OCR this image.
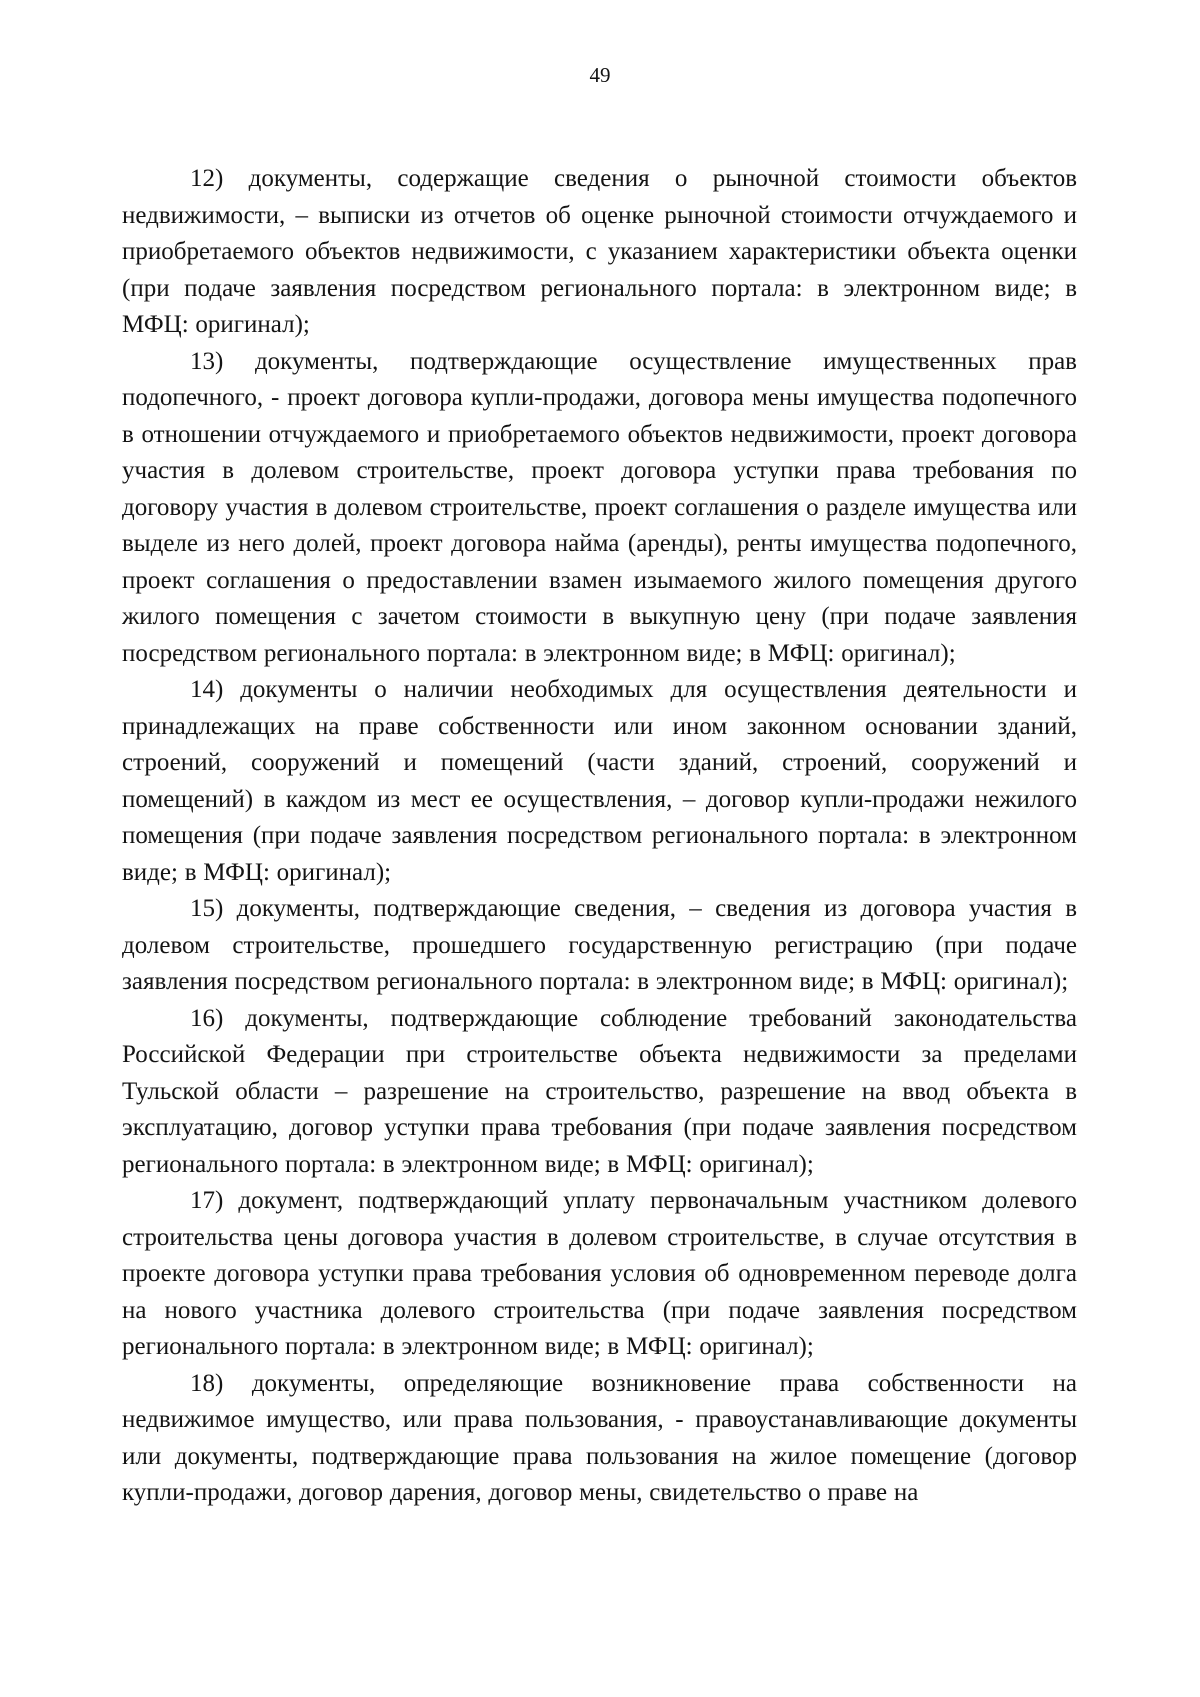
49

12) документы, содержащие сведения о рыночной стоимости объектов недвижимости, – выписки из отчетов об оценке рыночной стоимости отчуждаемого и приобретаемого объектов недвижимости, с указанием характеристики объекта оценки (при подаче заявления посредством регионального портала: в электронном виде; в МФЦ: оригинал);

13) документы, подтверждающие осуществление имущественных прав подопечного, - проект договора купли-продажи, договора мены имущества подопечного в отношении отчуждаемого и приобретаемого объектов недвижимости, проект договора участия в долевом строительстве, проект договора уступки права требования по договору участия в долевом строительстве, проект соглашения о разделе имущества или выделе из него долей, проект договора найма (аренды), ренты имущества подопечного, проект соглашения о предоставлении взамен изымаемого жилого помещения другого жилого помещения с зачетом стоимости в выкупную цену (при подаче заявления посредством регионального портала: в электронном виде; в МФЦ: оригинал);

14) документы о наличии необходимых для осуществления деятельности и принадлежащих на праве собственности или ином законном основании зданий, строений, сооружений и помещений (части зданий, строений, сооружений и помещений) в каждом из мест ее осуществления, – договор купли-продажи нежилого помещения (при подаче заявления посредством регионального портала: в электронном виде; в МФЦ: оригинал);

15) документы, подтверждающие сведения, – сведения из договора участия в долевом строительстве, прошедшего государственную регистрацию (при подаче заявления посредством регионального портала: в электронном виде; в МФЦ: оригинал);

16) документы, подтверждающие соблюдение требований законодательства Российской Федерации при строительстве объекта недвижимости за пределами Тульской области – разрешение на строительство, разрешение на ввод объекта в эксплуатацию, договор уступки права требования (при подаче заявления посредством регионального портала: в электронном виде; в МФЦ: оригинал);

17) документ, подтверждающий уплату первоначальным участником долевого строительства цены договора участия в долевом строительстве, в случае отсутствия в проекте договора уступки права требования условия об одновременном переводе долга на нового участника долевого строительства (при подаче заявления посредством регионального портала: в электронном виде; в МФЦ: оригинал);

18) документы, определяющие возникновение права собственности на недвижимое имущество, или права пользования, - правоустанавливающие документы или документы, подтверждающие права пользования на жилое помещение (договор купли-продажи, договор дарения, договор мены, свидетельство о праве на
